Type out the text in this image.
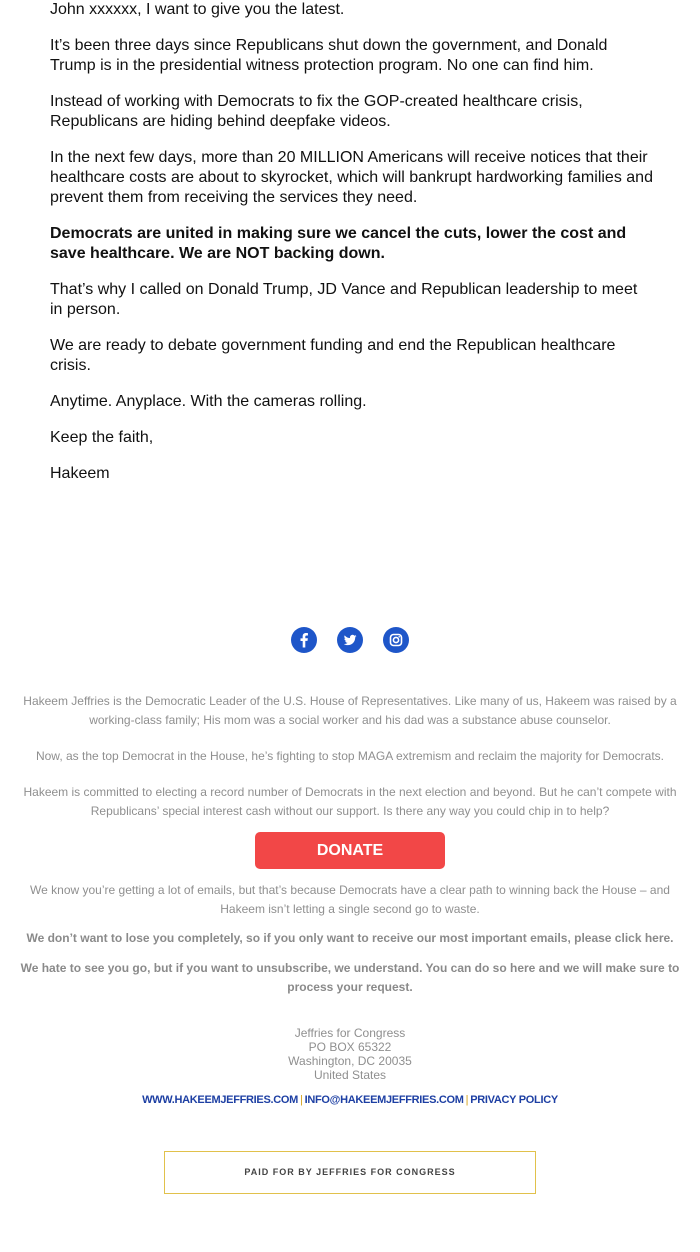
John xxxxxx, I want to give you the latest.

It’s been three days since Republicans shut down the government, and Donald Trump is in the presidential witness protection program. No one can find him.

Instead of working with Democrats to fix the GOP-created healthcare crisis, Republicans are hiding behind deepfake videos.

In the next few days, more than 20 MILLION Americans will receive notices that their healthcare costs are about to skyrocket, which will bankrupt hardworking families and prevent them from receiving the services they need.

Democrats are united in making sure we cancel the cuts, lower the cost and save healthcare. We are NOT backing down.

That’s why I called on Donald Trump, JD Vance and Republican leadership to meet in person.

We are ready to debate government funding and end the Republican healthcare crisis.

Anytime. Anyplace. With the cameras rolling.

Keep the faith,

Hakeem

Hakeem Jeffries is the Democratic Leader of the U.S. House of Representatives. Like many of us, Hakeem was raised by a working-class family; His mom was a social worker and his dad was a substance abuse counselor.
Now, as the top Democrat in the House, he’s fighting to stop MAGA extremism and reclaim the majority for Democrats.
Hakeem is committed to electing a record number of Democrats in the next election and beyond. But he can’t compete with Republicans’ special interest cash without our support. Is there any way you could chip in to help?
DONATE
We know you’re getting a lot of emails, but that’s because Democrats have a clear path to winning back the House – and Hakeem isn’t letting a single second go to waste.
We don’t want to lose you completely, so if you only want to receive our most important emails, please click here.
We hate to see you go, but if you want to unsubscribe, we understand. You can do so here and we will make sure to process your request.
Jeffries for Congress
PO BOX 65322
Washington, DC 20035
United States
WWW.HAKEEMJEFFRIES.COM | INFO@HAKEEMJEFFRIES.COM | PRIVACY POLICY
PAID FOR BY JEFFRIES FOR CONGRESS
